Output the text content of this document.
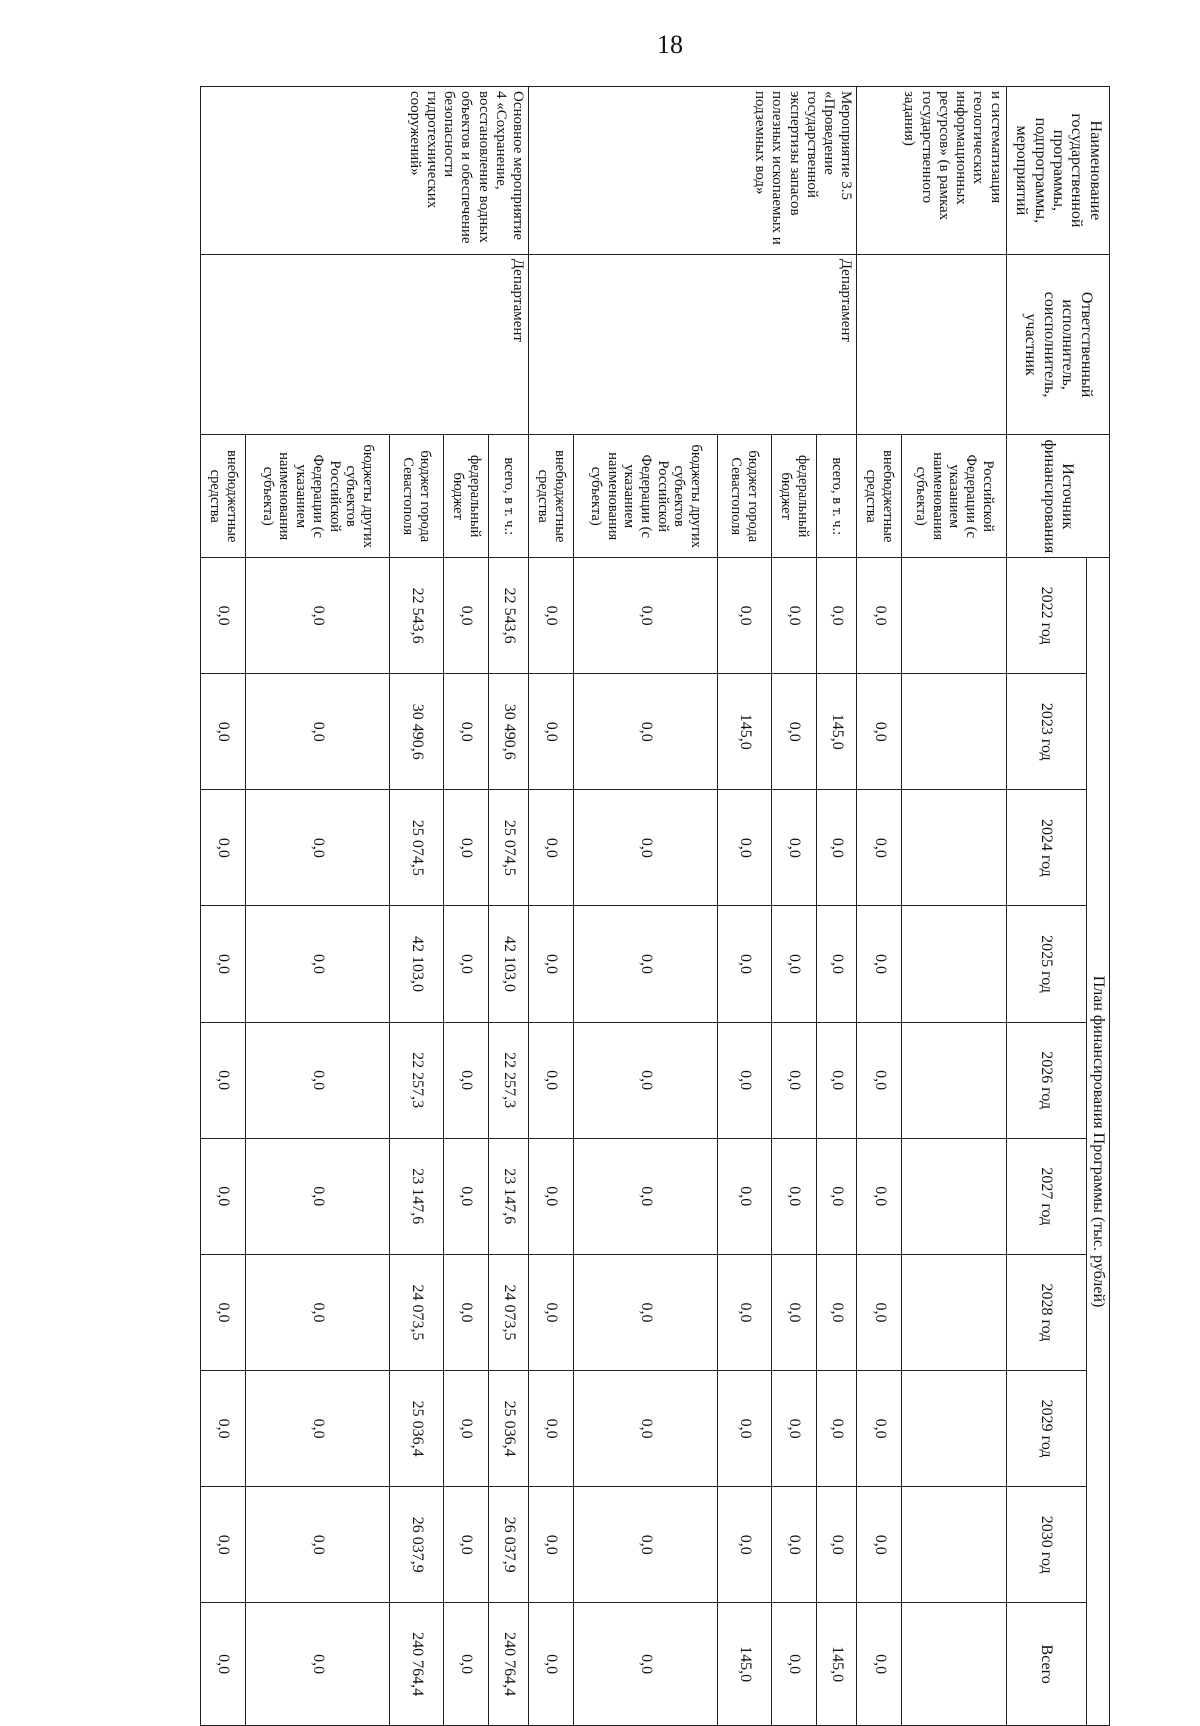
18
Наименование государственной программы, подпрограммы, мероприятий	Ответственный исполнитель, соисполнитель, участник	Источник финансирования	План финансирования Программы (тыс. рублей)									
			2022 год	2023 год	2024 год	2025 год	2026 год	2027 год	2028 год	2029 год	2030 год	Всего
и систематизация геологических информационных ресурсов» (в рамках государственного задания)		Российской Федерации (с указанием наименования субъекта)										
		внебюджетные средства	0,0	0,0	0,0	0,0	0,0	0,0	0,0	0,0	0,0	0,0
Мероприятие 3.5 «Проведение государственной экспертизы запасов полезных ископаемых и подземных вод»	Департамент	всего, в т. ч.:	0,0	145,0	0,0	0,0	0,0	0,0	0,0	0,0	0,0	145,0
		федеральный бюджет	0,0	0,0	0,0	0,0	0,0	0,0	0,0	0,0	0,0	0,0
		бюджет города Севастополя	0,0	145,0	0,0	0,0	0,0	0,0	0,0	0,0	0,0	145,0
		бюджеты других субъектов Российской Федерации (с указанием наименования субъекта)	0,0	0,0	0,0	0,0	0,0	0,0	0,0	0,0	0,0	0,0
		внебюджетные средства	0,0	0,0	0,0	0,0	0,0	0,0	0,0	0,0	0,0	0,0
Основное мероприятие 4 «Сохранение, восстановление водных объектов и обеспечение безопасности гидротехнических сооружений»	Департамент	всего, в т. ч.:	22 543,6	30 490,6	25 074,5	42 103,0	22 257,3	23 147,6	24 073,5	25 036,4	26 037,9	240 764,4
		федеральный бюджет	0,0	0,0	0,0	0,0	0,0	0,0	0,0	0,0	0,0	0,0
		бюджет города Севастополя	22 543,6	30 490,6	25 074,5	42 103,0	22 257,3	23 147,6	24 073,5	25 036,4	26 037,9	240 764,4
		бюджеты других субъектов Российской Федерации (с указанием наименования субъекта)	0,0	0,0	0,0	0,0	0,0	0,0	0,0	0,0	0,0	0,0
		внебюджетные средства	0,0	0,0	0,0	0,0	0,0	0,0	0,0	0,0	0,0	0,0
